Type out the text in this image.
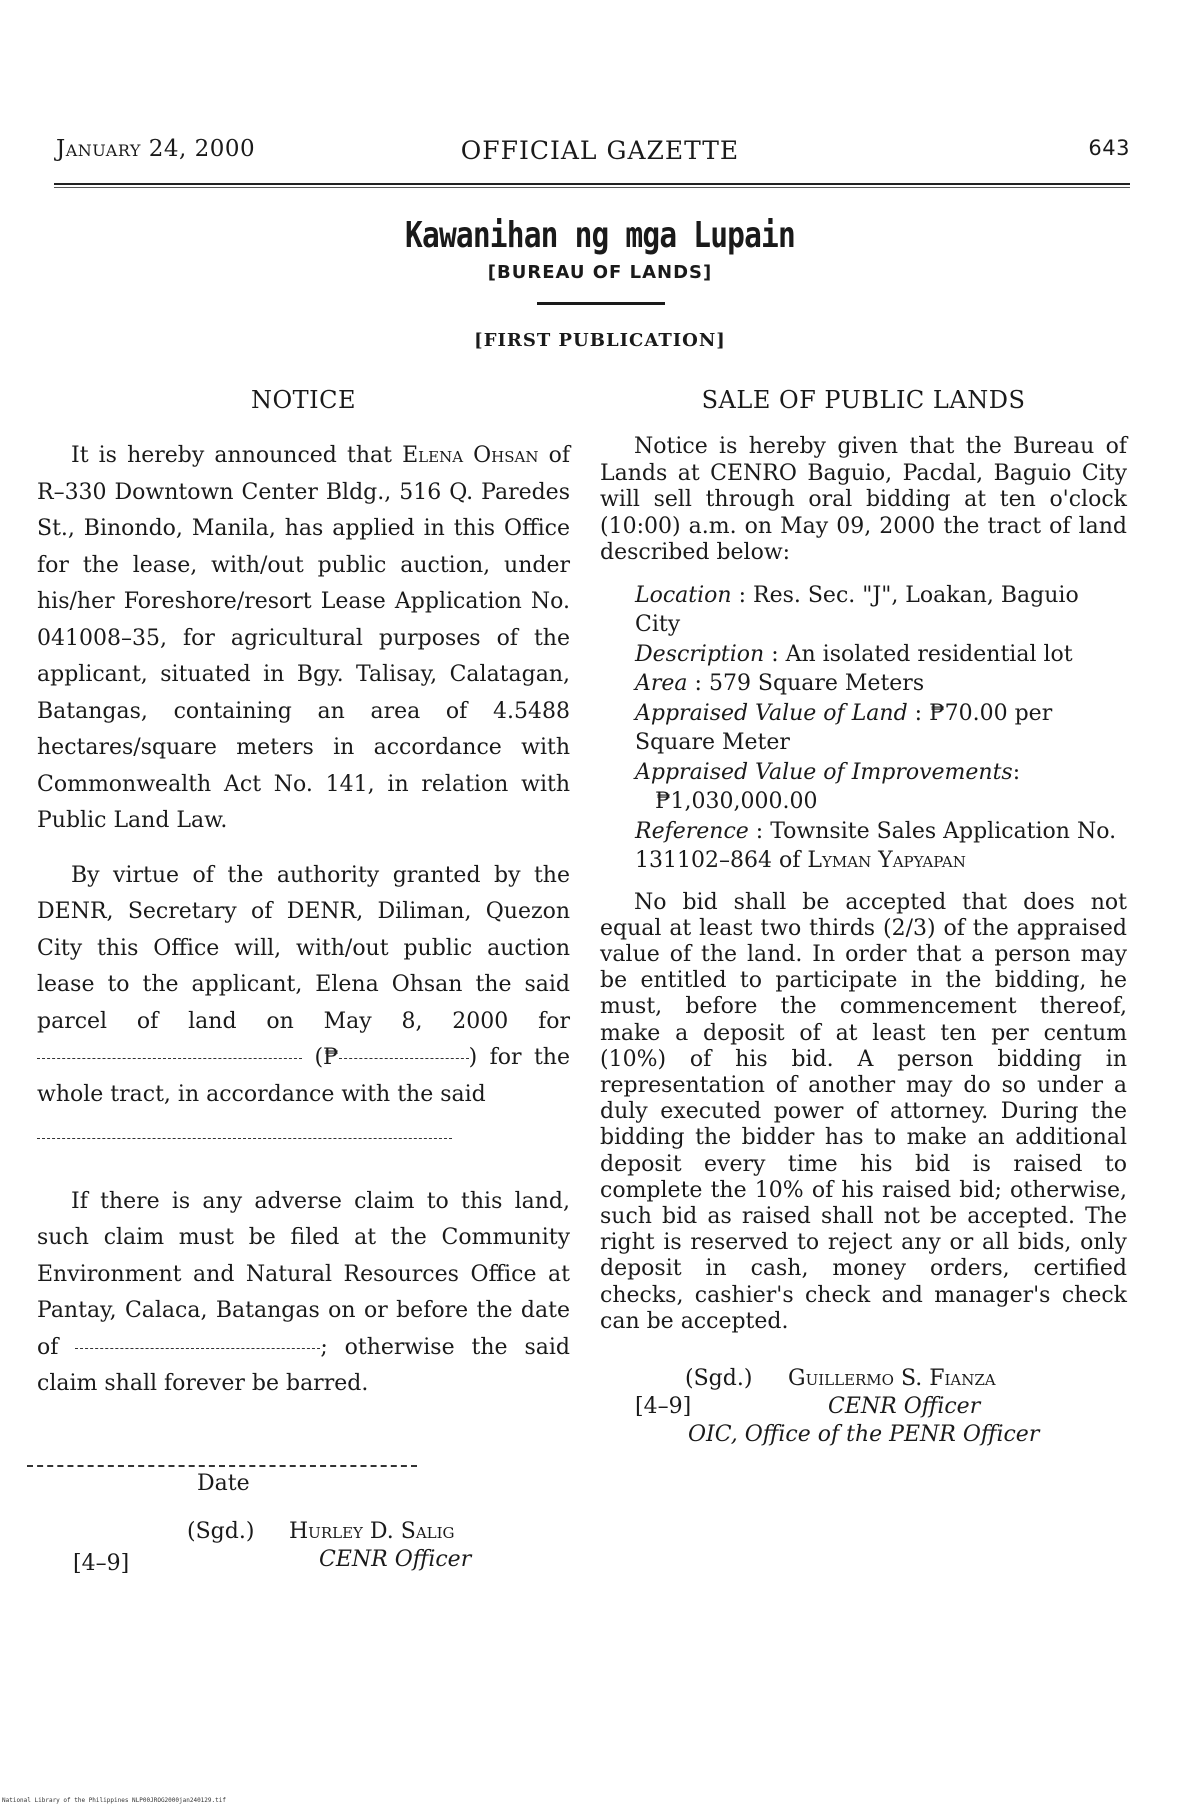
January 24, 2000	OFFICIAL GAZETTE	643
Kawanihan ng mga Lupain
[BUREAU OF LANDS]
[FIRST PUBLICATION]
NOTICE

It is hereby announced that Elena Ohsan of R–330 Downtown Center Bldg., 516 Q. Paredes St., Binondo, Manila, has applied in this Office for the lease, with/out public auction, under his/her Foreshore/resort Lease Application No. 041008–35, for agricultural purposes of the applicant, situated in Bgy. Talisay, Calatagan, Batangas, containing an area of 4.5488 hectares/square meters in accordance with Commonwealth Act No. 141, in relation with Public Land Law.

By virtue of the authority granted by the DENR, Secretary of DENR, Diliman, Quezon City this Office will, with/out public auction lease to the applicant, Elena Ohsan the said parcel of land on May 8, 2000 for  (₱	) for the whole tract, in accordance with the said

If there is any adverse claim to this land, such claim must be filed at the Community Environment and Natural Resources Office at Pantay, Calaca, Batangas on or before the date of	; otherwise the said claim shall forever be barred.

Date
(Sgd.) Hurley D. Salig
[4–9]	CENR Officer
SALE OF PUBLIC LANDS

Notice is hereby given that the Bureau of Lands at CENRO Baguio, Pacdal, Baguio City will sell through oral bidding at ten o'clock (10:00) a.m. on May 09, 2000 the tract of land described below:

Location : Res. Sec. "J", Loakan, Baguio City

Description : An isolated residential lot

Area : 579 Square Meters

Appraised Value of Land : ₱70.00 per Square Meter

Appraised Value of Improvements:

₱1,030,000.00

Reference : Townsite Sales Application No. 131102–864 of Lyman Yapyapan

No bid shall be accepted that does not equal at least two thirds (2/3) of the appraised value of the land. In order that a person may be entitled to participate in the bidding, he must, before the commencement thereof, make a deposit of at least ten per centum (10%) of his bid. A person bidding in representation of another may do so under a duly executed power of attorney. During the bidding the bidder has to make an additional deposit every time his bid is raised to complete the 10% of his raised bid; otherwise, such bid as raised shall not be accepted. The right is reserved to reject any or all bids, only deposit in cash, money orders, certified checks, cashier's check and manager's check can be accepted.

(Sgd.) Guillermo S. Fianza
[4–9]	CENR Officer
OIC, Office of the PENR Officer
National Library of the Philippines NLP00JROG2000jan240129.tif
